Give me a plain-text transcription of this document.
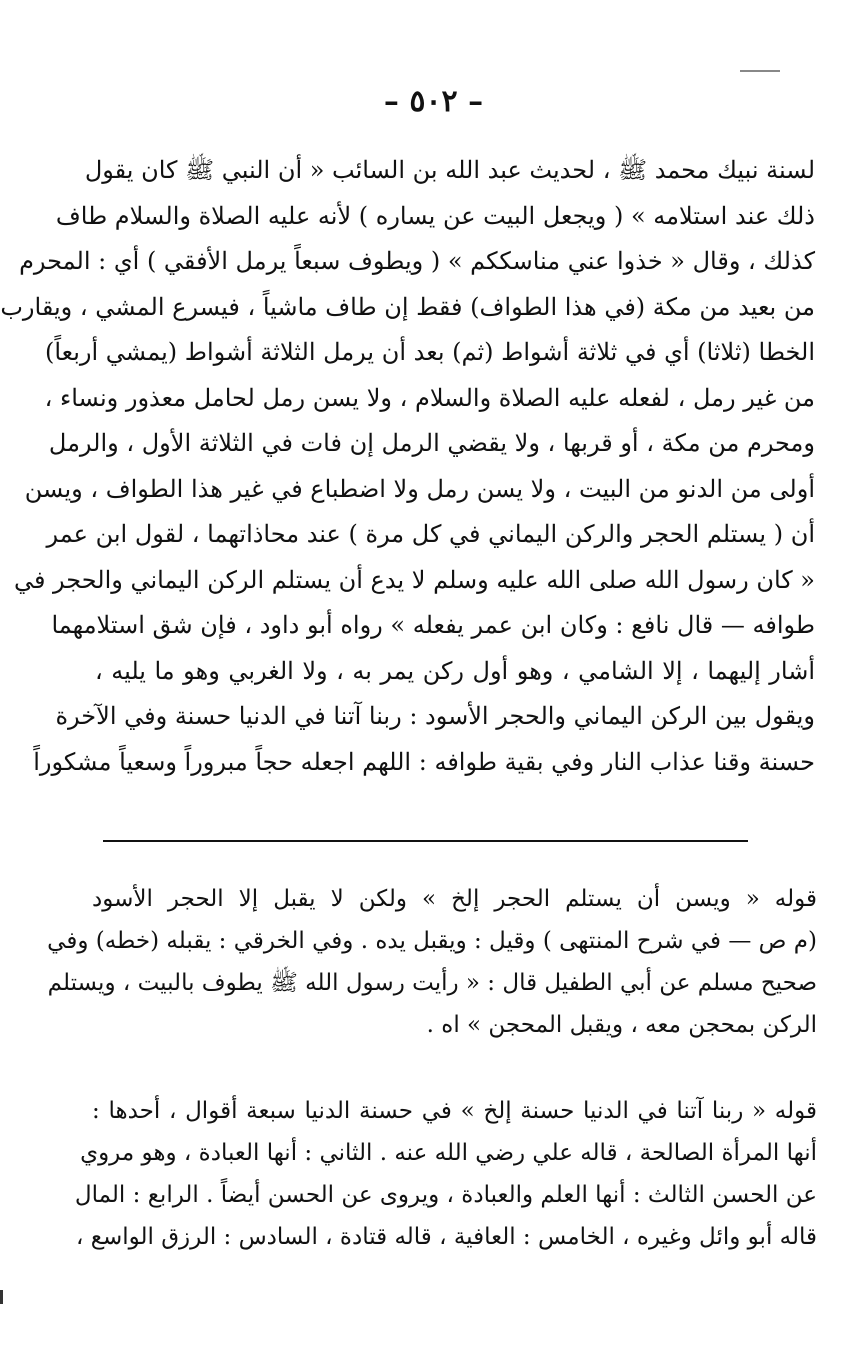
– ٥٠٢ –
لسنة نبيك محمد ﷺ ، لحديث عبد الله بن السائب « أن النبي ﷺ كان يقول
ذلك عند استلامه » ( ويجعل البيت عن يساره ) لأنه عليه الصلاة والسلام طاف
كذلك ، وقال « خذوا عني مناسككم » ( ويطوف سبعاً يرمل الأفقي ) أي : المحرم
من بعيد من مكة (في هذا الطواف) فقط إن طاف ماشياً ، فيسرع المشي ، ويقارب
الخطا (ثلاثا) أي في ثلاثة أشواط (ثم) بعد أن يرمل الثلاثة أشواط (يمشي أربعاً)
من غير رمل ، لفعله عليه الصلاة والسلام ، ولا يسن رمل لحامل معذور ونساء ،
ومحرم من مكة ، أو قربها ، ولا يقضي الرمل إن فات في الثلاثة الأول ، والرمل
أولى من الدنو من البيت ، ولا يسن رمل ولا اضطباع في غير هذا الطواف ، ويسن
أن ( يستلم الحجر والركن اليماني في كل مرة ) عند محاذاتهما ، لقول ابن عمر
« كان رسول الله صلى الله عليه وسلم لا يدع أن يستلم الركن اليماني والحجر في
طوافه — قال نافع : وكان ابن عمر يفعله » رواه أبو داود ، فإن شق استلامهما
أشار إليهما ، إلا الشامي ، وهو أول ركن يمر به ، ولا الغربي وهو ما يليه ،
ويقول بين الركن اليماني والحجر الأسود : ربنا آتنا في الدنيا حسنة وفي الآخرة
حسنة وقنا عذاب النار وفي بقية طوافه : اللهم اجعله حجاً مبروراً وسعياً مشكوراً
قوله « ويسن أن يستلم الحجر إلخ » ولكن لا يقبل إلا الحجر الأسود
(م ص — في شرح المنتهى ) وقيل : ويقبل يده . وفي الخرقي : يقبله (خطه) وفي
صحيح مسلم عن أبي الطفيل قال : « رأيت رسول الله ﷺ يطوف بالبيت ، ويستلم
الركن بمحجن معه ، ويقبل المحجن » اه .
قوله « ربنا آتنا في الدنيا حسنة إلخ » في حسنة الدنيا سبعة أقوال ، أحدها :
أنها المرأة الصالحة ، قاله علي رضي الله عنه . الثاني : أنها العبادة ، وهو مروي
عن الحسن الثالث : أنها العلم والعبادة ، ويروى عن الحسن أيضاً . الرابع : المال
قاله أبو وائل وغيره ، الخامس : العافية ، قاله قتادة ، السادس : الرزق الواسع ،
